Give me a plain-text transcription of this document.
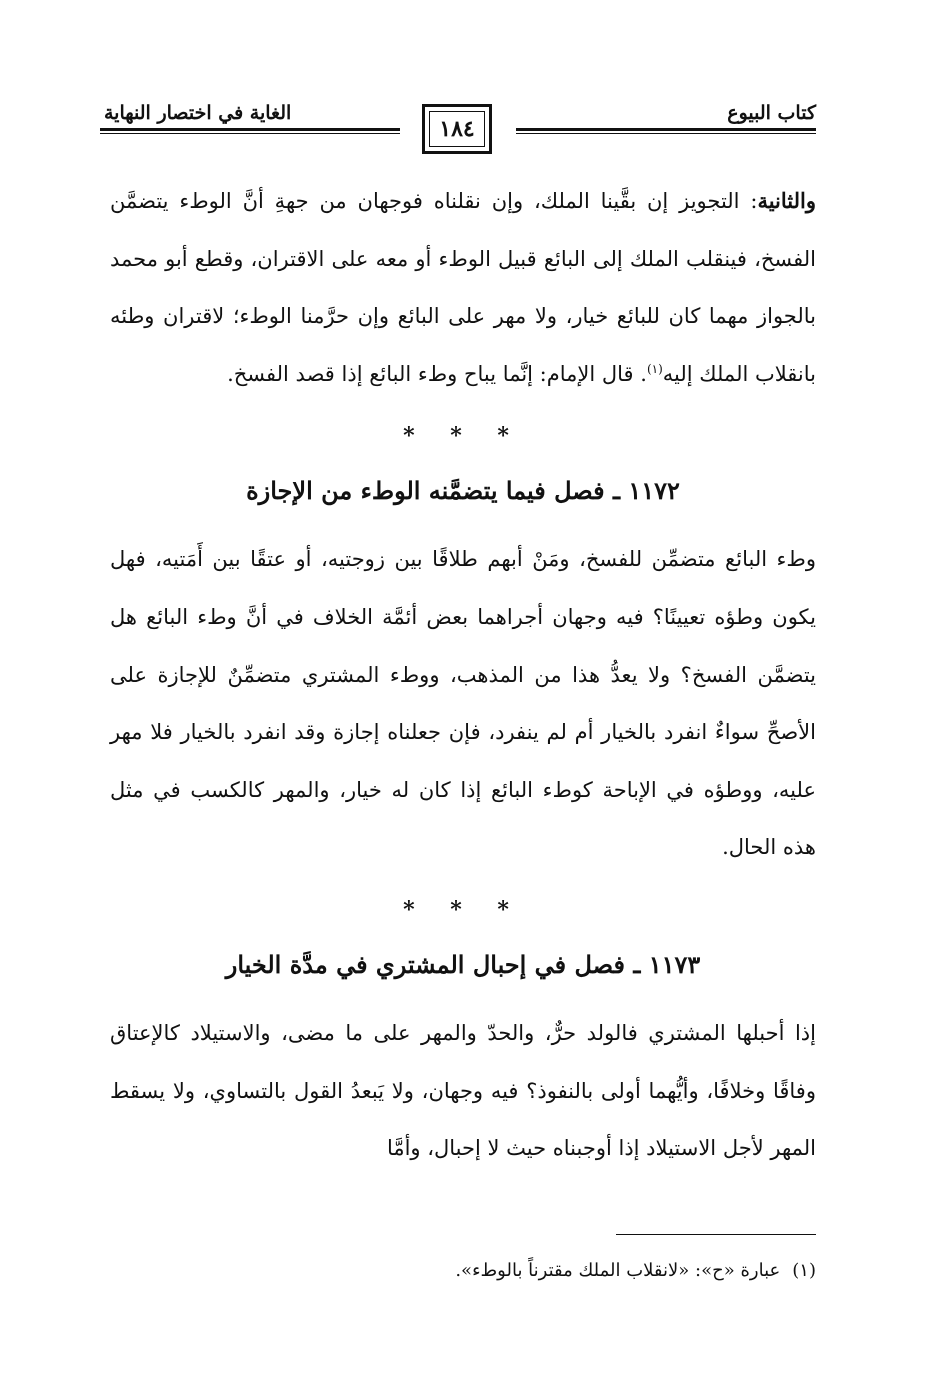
كتاب البيوع
الغاية في اختصار النهاية
١٨٤

والثانية: التجويز إن بقَّينا الملك، وإن نقلناه فوجهان من جهةِ أنَّ الوطء يتضمَّن الفسخ، فينقلب الملك إلى البائع قبيل الوطء أو معه على الاقتران، وقطع أبو محمد بالجواز مهما كان للبائع خيار، ولا مهر على البائع وإن حرَّمنا الوطء؛ لاقتران وطئه بانقلاب الملك إليه$^{(١)}$. قال الإمام: إنَّما يباح وطء البائع إذا قصد الفسخ.

* * *
١١٧٢ ـ فصل فيما يتضمَّنه الوطء من الإجازة

وطء البائع متضمِّن للفسخ، ومَنْ أبهم طلاقًا بين زوجتيه، أو عتقًا بين أَمَتيه، فهل يكون وطؤه تعيينًا؟ فيه وجهان أجراهما بعض أئمَّة الخلاف في أنَّ وطء البائع هل يتضمَّن الفسخ؟ ولا يعدُّ هذا من المذهب، ووطء المشتري متضمِّنٌ للإجازة على الأصحِّ سواءٌ انفرد بالخيار أم لم ينفرد، فإن جعلناه إجازة وقد انفرد بالخيار فلا مهر عليه، ووطؤه في الإباحة كوطء البائع إذا كان له خيار، والمهر كالكسب في مثل هذه الحال.

* * *
١١٧٣ ـ فصل في إحبال المشتري في مدَّة الخيار

إذا أحبلها المشتري فالولد حرٌّ، والحدّ والمهر على ما مضى، والاستيلاد كالإعتاق وفاقًا وخلافًا، وأيُّهما أولى بالنفوذ؟ فيه وجهان، ولا يَبعدُ القول بالتساوي، ولا يسقط المهر لأجل الاستيلاد إذا أوجبناه حيث لا إحبال، وأمَّا

(١)عبارة «ح»: «لانقلاب الملك مقترناً بالوطء».
